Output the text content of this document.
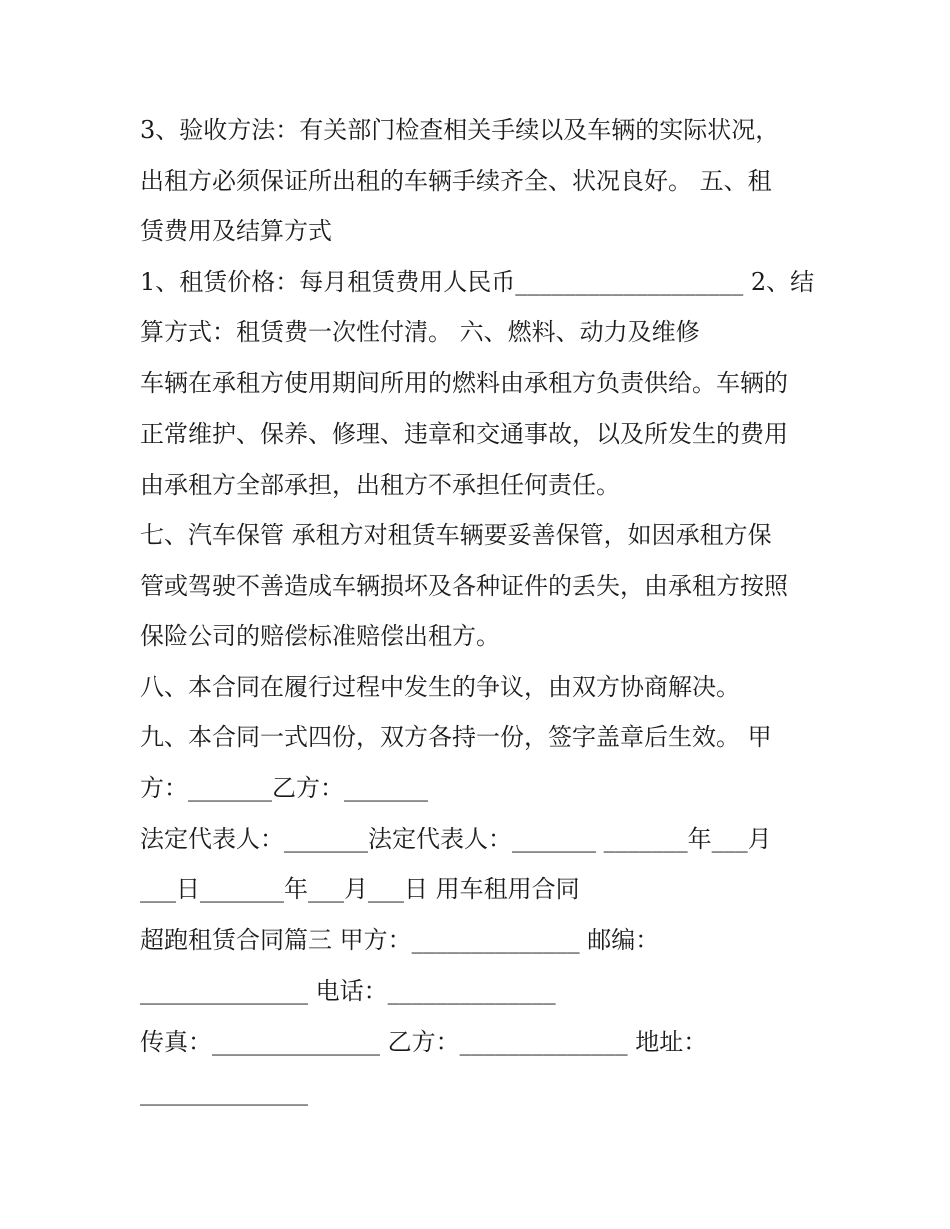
3、验收方法：有关部门检查相关手续以及车辆的实际状况，
出租方必须保证所出租的车辆手续齐全、状况良好。 五、租
赁费用及结算方式
1、租赁价格：每月租赁费用人民币___________________ 2、结
算方式：租赁费一次性付清。 六、燃料、动力及维修
车辆在承租方使用期间所用的燃料由承租方负责供给。车辆的
正常维护、保养、修理、违章和交通事故，以及所发生的费用
由承租方全部承担，出租方不承担任何责任。
七、汽车保管 承租方对租赁车辆要妥善保管，如因承租方保
管或驾驶不善造成车辆损坏及各种证件的丢失，由承租方按照
保险公司的赔偿标准赔偿出租方。
八、本合同在履行过程中发生的争议，由双方协商解决。
九、本合同一式四份，双方各持一份，签字盖章后生效。 甲
方：_______乙方：_______
法定代表人：_______法定代表人：_______ _______年___月
___日_______年___月___日 用车租用合同
超跑租赁合同篇三 甲方：______________ 邮编：
______________ 电话：______________
传真：______________ 乙方：______________ 地址：
______________
